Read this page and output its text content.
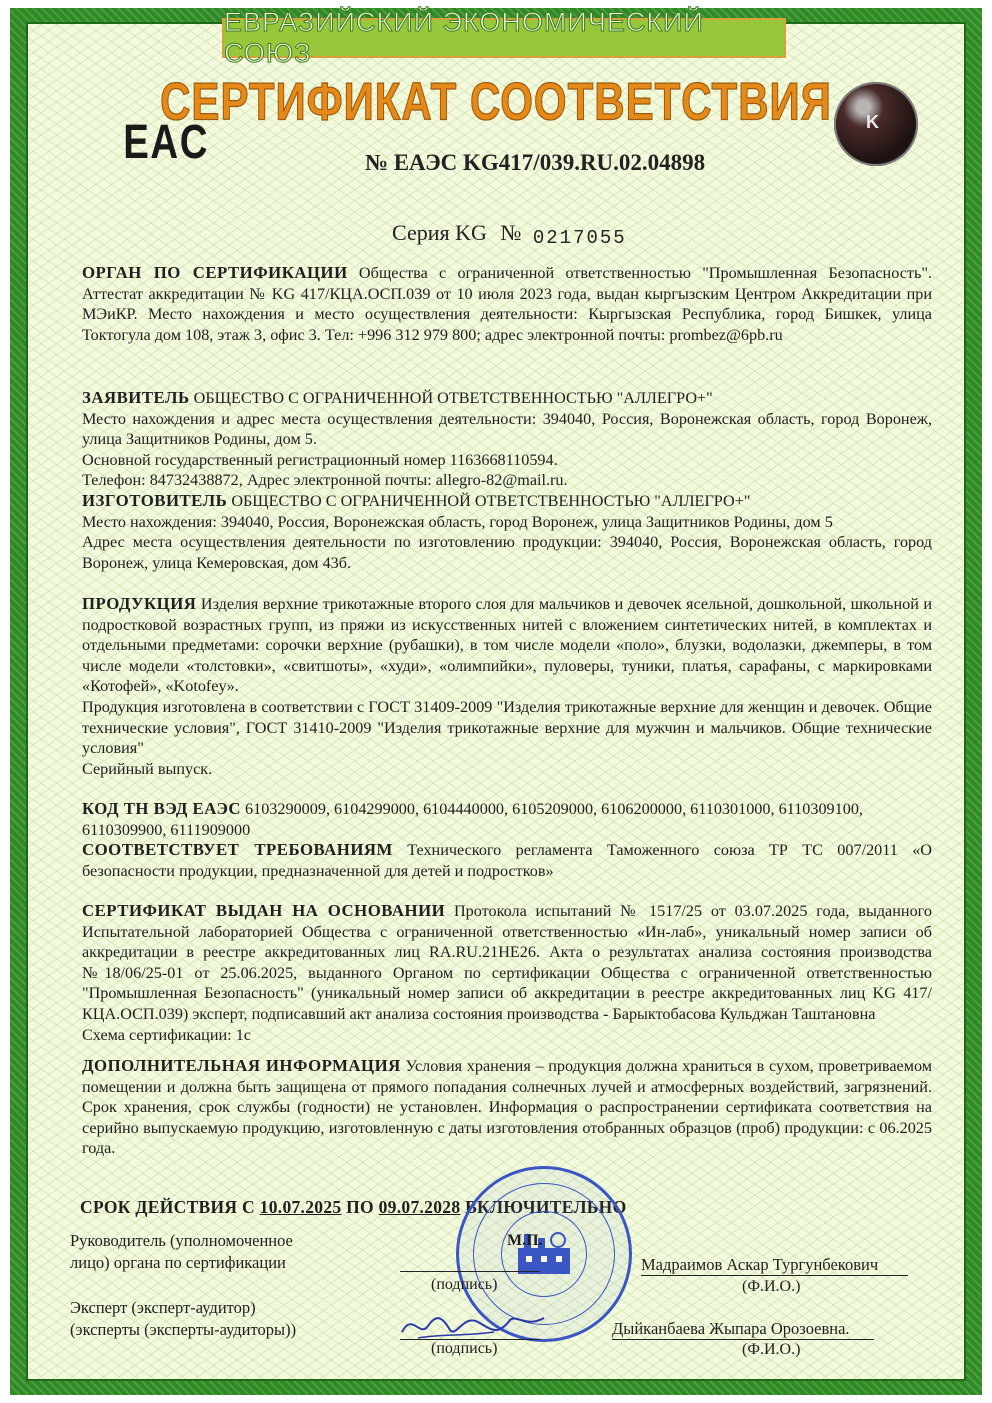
ЕВРАЗИЙСКИЙ ЭКОНОМИЧЕСКИЙ СОЮЗ
СЕРТИФИКАТ СООТВЕТСТВИЯ
EAC	K
№ ЕАЭС KG417/039.RU.02.04898
Серия KG № 0217055

ОРГАН ПО СЕРТИФИКАЦИИ Общества с ограниченной ответственностью "Промышленная Безопасность". Аттестат аккредитации № KG 417/КЦА.ОСП.039 от 10 июля 2023 года, выдан кыргызским Центром Аккредитации при МЭиКР. Место нахождения и место осуществления деятельности: Кыргызская Республика, город Бишкек, улица Токтогула дом 108, этаж 3, офис 3. Тел: +996 312 979 800; адрес электронной почты: prombez@6pb.ru

ЗАЯВИТЕЛЬ ОБЩЕСТВО С ОГРАНИЧЕННОЙ ОТВЕТСТВЕННОСТЬЮ "АЛЛЕГРО+"

Место нахождения и адрес места осуществления деятельности: 394040, Россия, Воронежская область, город Воронеж, улица Защитников Родины, дом 5.

Основной государственный регистрационный номер 1163668110594.

Телефон: 84732438872, Адрес электронной почты: allegro-82@mail.ru.

ИЗГОТОВИТЕЛЬ ОБЩЕСТВО С ОГРАНИЧЕННОЙ ОТВЕТСТВЕННОСТЬЮ "АЛЛЕГРО+"

Место нахождения: 394040, Россия, Воронежская область, город Воронеж, улица Защитников Родины, дом 5

Адрес места осуществления деятельности по изготовлению продукции: 394040, Россия, Воронежская область, город Воронеж, улица Кемеровская, дом 43б.

ПРОДУКЦИЯ Изделия верхние трикотажные второго слоя для мальчиков и девочек ясельной, дошкольной, школьной и подростковой возрастных групп, из пряжи из искусственных нитей с вложением синтетических нитей, в комплектах и отдельными предметами: сорочки верхние (рубашки), в том числе модели «поло», блузки, водолазки, джемперы, в том числе модели «толстовки», «свитшоты», «худи», «олимпийки», пуловеры, туники, платья, сарафаны, с маркировками «Котофей», «Kotofey».

Продукция изготовлена в соответствии с ГОСТ 31409-2009 "Изделия трикотажные верхние для женщин и девочек. Общие технические условия", ГОСТ 31410-2009 "Изделия трикотажные верхние для мужчин и мальчиков. Общие технические условия"

Серийный выпуск.

КОД ТН ВЭД ЕАЭС 6103290009, 6104299000, 6104440000, 6105209000, 6106200000, 6110301000, 6110309100, 6110309900, 6111909000

СООТВЕТСТВУЕТ ТРЕБОВАНИЯМ Технического регламента Таможенного союза ТР ТС 007/2011 «О безопасности продукции, предназначенной для детей и подростков»

СЕРТИФИКАТ ВЫДАН НА ОСНОВАНИИ Протокола испытаний № 1517/25 от 03.07.2025 года, выданного Испытательной лабораторией Общества с ограниченной ответственностью «Ин-лаб», уникальный номер записи об аккредитации в реестре аккредитованных лиц RA.RU.21НЕ26. Акта о результатах анализа состояния производства №18/06/25-01 от 25.06.2025, выданного Органом по сертификации Общества с ограниченной ответственностью "Промышленная Безопасность" (уникальный номер записи об аккредитации в реестре аккредитованных лиц KG 417/КЦА.ОСП.039) эксперт, подписавший акт анализа состояния производства - Барыктобасова Кульджан Таштановна

Схема сертификации: 1с

ДОПОЛНИТЕЛЬНАЯ ИНФОРМАЦИЯ Условия хранения – продукция должна храниться в сухом, проветриваемом помещении и должна быть защищена от прямого попадания солнечных лучей и атмосферных воздействий, загрязнений. Срок хранения, срок службы (годности) не установлен. Информация о распространении сертификата соответствия на серийно выпускаемую продукцию, изготовленную с даты изготовления отобранных образцов (проб) продукции: с 06.2025 года.

СРОК ДЕЙСТВИЯ С 10.07.2025 ПО 09.07.2028 ВКЛЮЧИТЕЛЬНО
М.П.
Руководитель (уполномоченное
лицо) органа по сертификации
(подпись)
Мадраимов Аскар Тургунбекович
(Ф.И.О.)
Эксперт (эксперт-аудитор)
(эксперты (эксперты-аудиторы))
(подпись)
Дыйканбаева Жыпара Орозоевна.
(Ф.И.О.)
